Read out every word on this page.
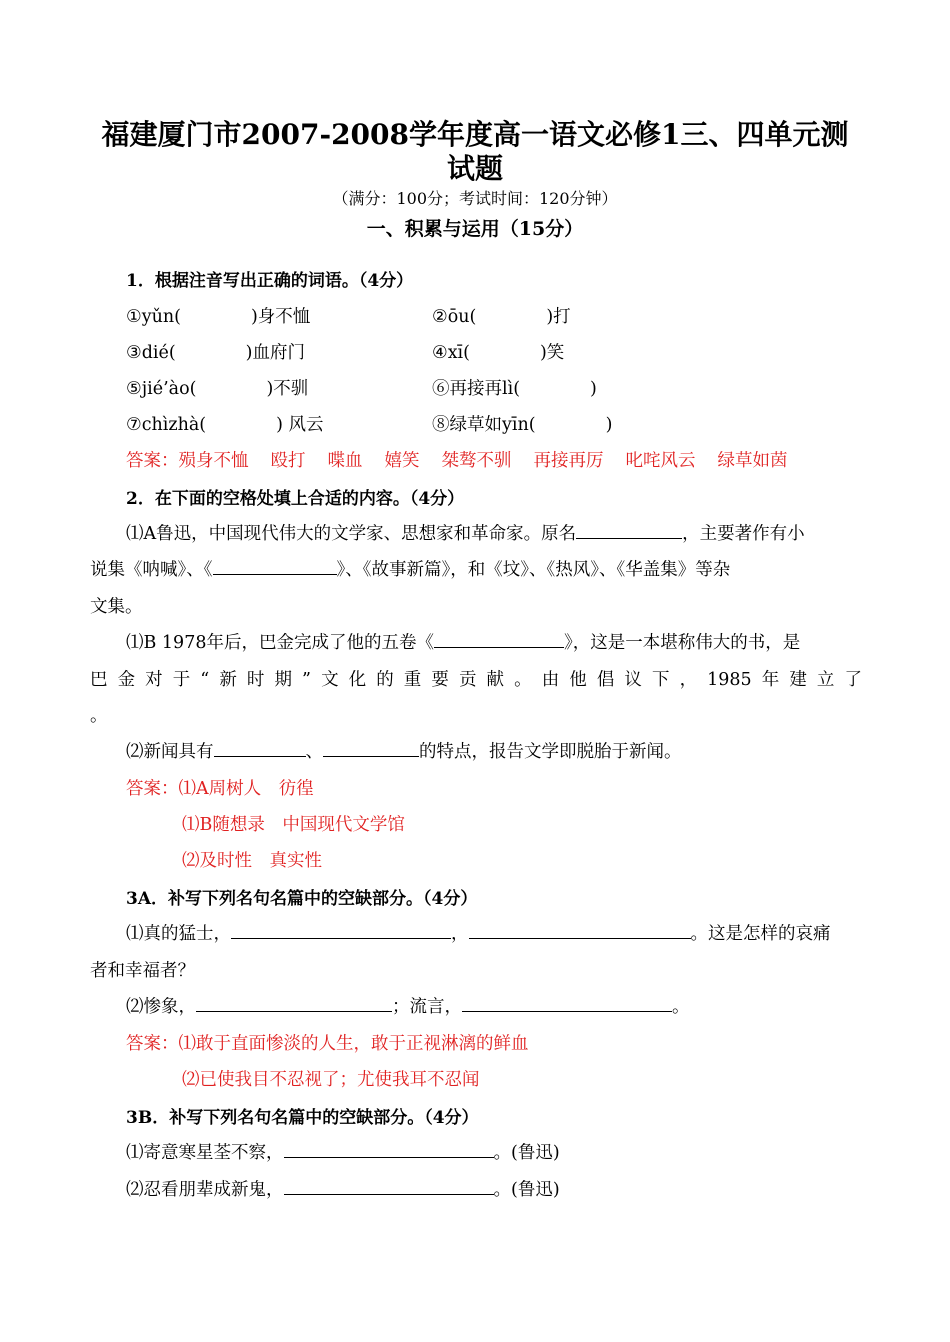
福建厦门市2007-2008学年度高一语文必修1三、四单元测
试题
（满分：100分；考试时间：120分钟）
一、积累与运用（15分）
1．根据注音写出正确的词语。（4分）
①yǔn(	)身不恤	②ōu(	)打
③dié(	)血府门	④xī(	)笑
⑤jié’ào(	)不驯	⑥再接再lì(	)
⑦chìzhà(	) 风云	⑧绿草如yīn(	)
答案：殒身不恤 殴打 喋血 嬉笑 桀骜不驯 再接再厉 叱咤风云 绿草如茵
2．在下面的空格处填上合适的内容。（4分）
⑴A鲁迅，中国现代伟大的文学家、思想家和革命家。原名	，主要著作有小
说集《呐喊》、《	》、《故事新篇》，和《坟》、《热风》、《华盖集》等杂
文集。
⑴B 1978年后，巴金完成了他的五卷《	》，这是一本堪称伟大的书，是
巴金对于“新时期”文化的重要贡献。由他倡议下，1985年建立了
。
⑵新闻具有	、	的特点，报告文学即脱胎于新闻。
答案：⑴A周树人　彷徨
⑴B随想录　中国现代文学馆
⑵及时性　真实性
3A．补写下列名句名篇中的空缺部分。（4分）
⑴真的猛士，	，	。这是怎样的哀痛
者和幸福者？
⑵惨象，	；流言，	。
答案：⑴敢于直面惨淡的人生，敢于正视淋漓的鲜血
⑵已使我目不忍视了；尤使我耳不忍闻
3B．补写下列名句名篇中的空缺部分。（4分）
⑴寄意寒星荃不察，	。(鲁迅)
⑵忍看朋辈成新鬼，	。(鲁迅)
